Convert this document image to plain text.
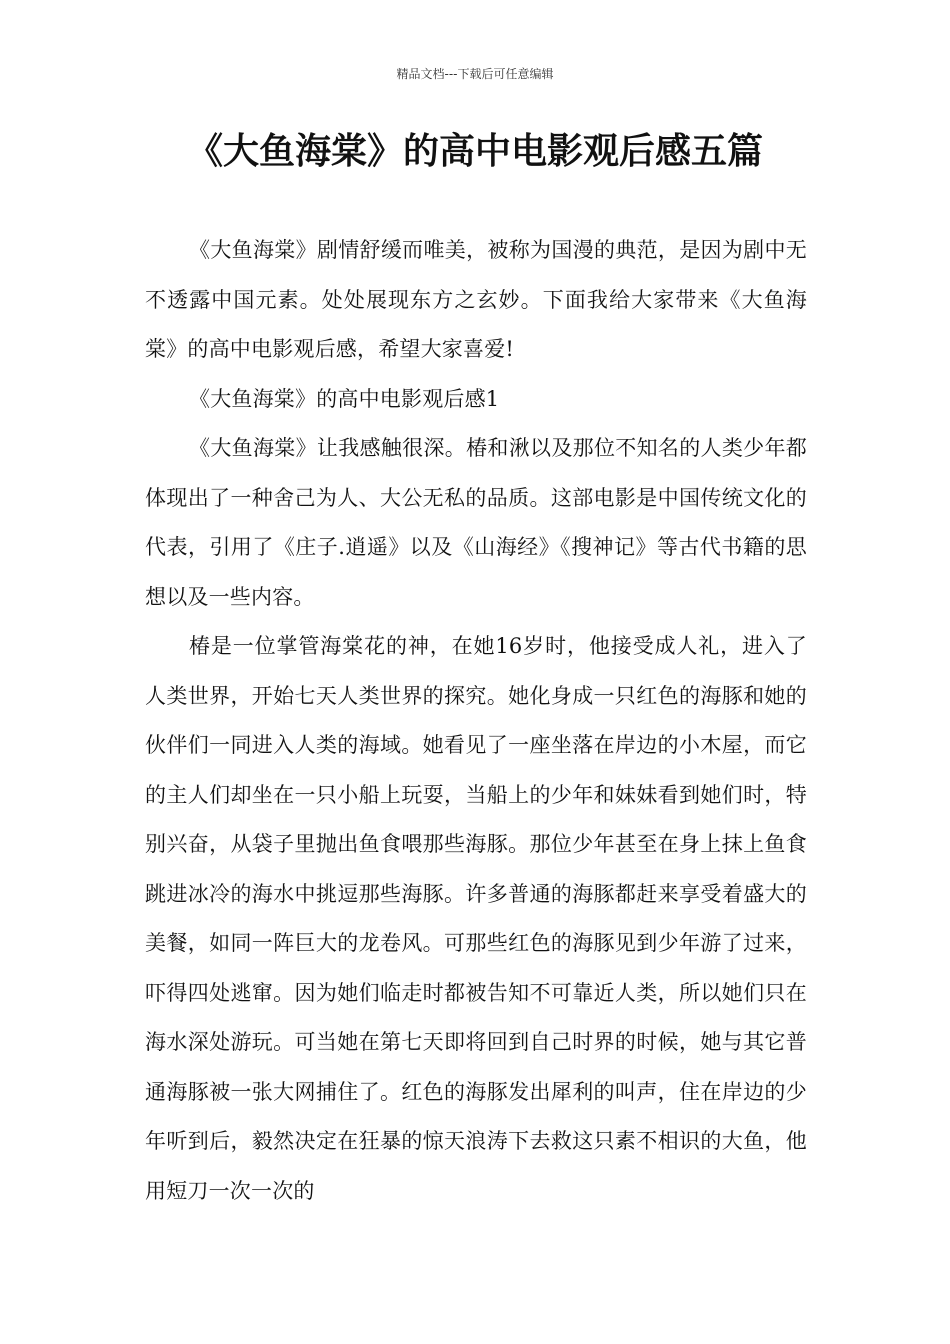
精品文档---下载后可任意编辑
《大鱼海棠》的高中电影观后感五篇

《大鱼海棠》剧情舒缓而唯美，被称为国漫的典范，是因为剧中无不透露中国元素。处处展现东方之玄妙。下面我给大家带来《大鱼海棠》的高中电影观后感，希望大家喜爱!

《大鱼海棠》的高中电影观后感1

《大鱼海棠》让我感触很深。椿和湫以及那位不知名的人类少年都体现出了一种舍己为人、大公无私的品质。这部电影是中国传统文化的代表，引用了《庄子.逍遥》以及《山海经》《搜神记》等古代书籍的思想以及一些内容。

椿是一位掌管海棠花的神，在她16岁时，他接受成人礼，进入了人类世界，开始七天人类世界的探究。她化身成一只红色的海豚和她的伙伴们一同进入人类的海域。她看见了一座坐落在岸边的小木屋，而它的主人们却坐在一只小船上玩耍，当船上的少年和妹妹看到她们时，特别兴奋，从袋子里抛出鱼食喂那些海豚。那位少年甚至在身上抹上鱼食跳进冰冷的海水中挑逗那些海豚。许多普通的海豚都赶来享受着盛大的美餐，如同一阵巨大的龙卷风。可那些红色的海豚见到少年游了过来，吓得四处逃窜。因为她们临走时都被告知不可靠近人类，所以她们只在海水深处游玩。可当她在第七天即将回到自己时界的时候，她与其它普通海豚被一张大网捕住了。红色的海豚发出犀利的叫声，住在岸边的少年听到后，毅然决定在狂暴的惊天浪涛下去救这只素不相识的大鱼，他用短刀一次一次的
